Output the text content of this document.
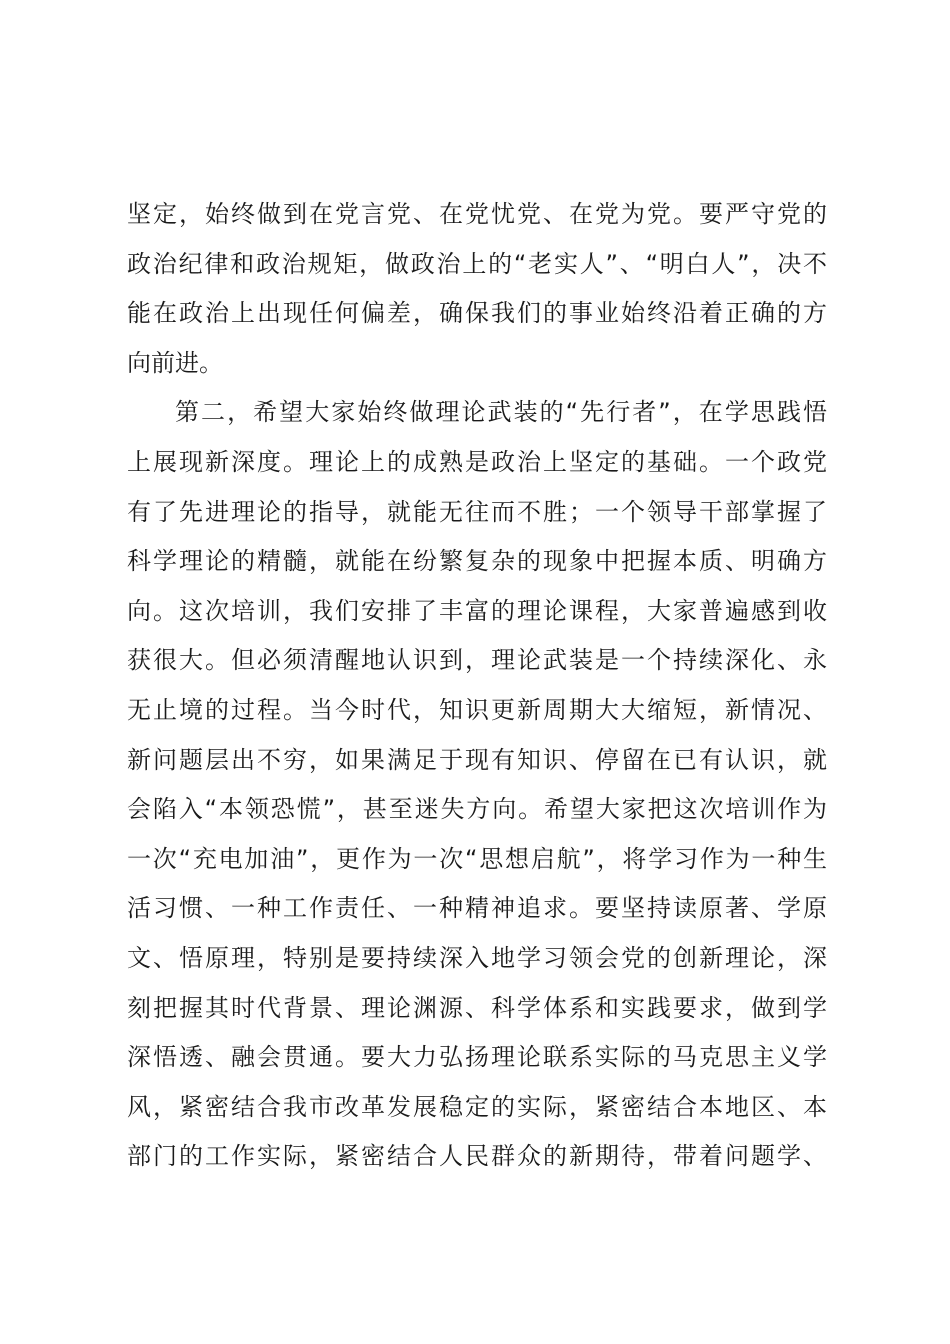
坚定，始终做到在党言党、在党忧党、在党为党。要严守党的
政治纪律和政治规矩，做政治上的“老实人”、“明白人”，决不
能在政治上出现任何偏差，确保我们的事业始终沿着正确的方
向前进。
第二，希望大家始终做理论武装的“先行者”，在学思践悟
上展现新深度。理论上的成熟是政治上坚定的基础。一个政党
有了先进理论的指导，就能无往而不胜；一个领导干部掌握了
科学理论的精髓，就能在纷繁复杂的现象中把握本质、明确方
向。这次培训，我们安排了丰富的理论课程，大家普遍感到收
获很大。但必须清醒地认识到，理论武装是一个持续深化、永
无止境的过程。当今时代，知识更新周期大大缩短，新情况、
新问题层出不穷，如果满足于现有知识、停留在已有认识，就
会陷入“本领恐慌”，甚至迷失方向。希望大家把这次培训作为
一次“充电加油”，更作为一次“思想启航”，将学习作为一种生
活习惯、一种工作责任、一种精神追求。要坚持读原著、学原
文、悟原理，特别是要持续深入地学习领会党的创新理论，深
刻把握其时代背景、理论渊源、科学体系和实践要求，做到学
深悟透、融会贯通。要大力弘扬理论联系实际的马克思主义学
风，紧密结合我市改革发展稳定的实际，紧密结合本地区、本
部门的工作实际，紧密结合人民群众的新期待，带着问题学、
